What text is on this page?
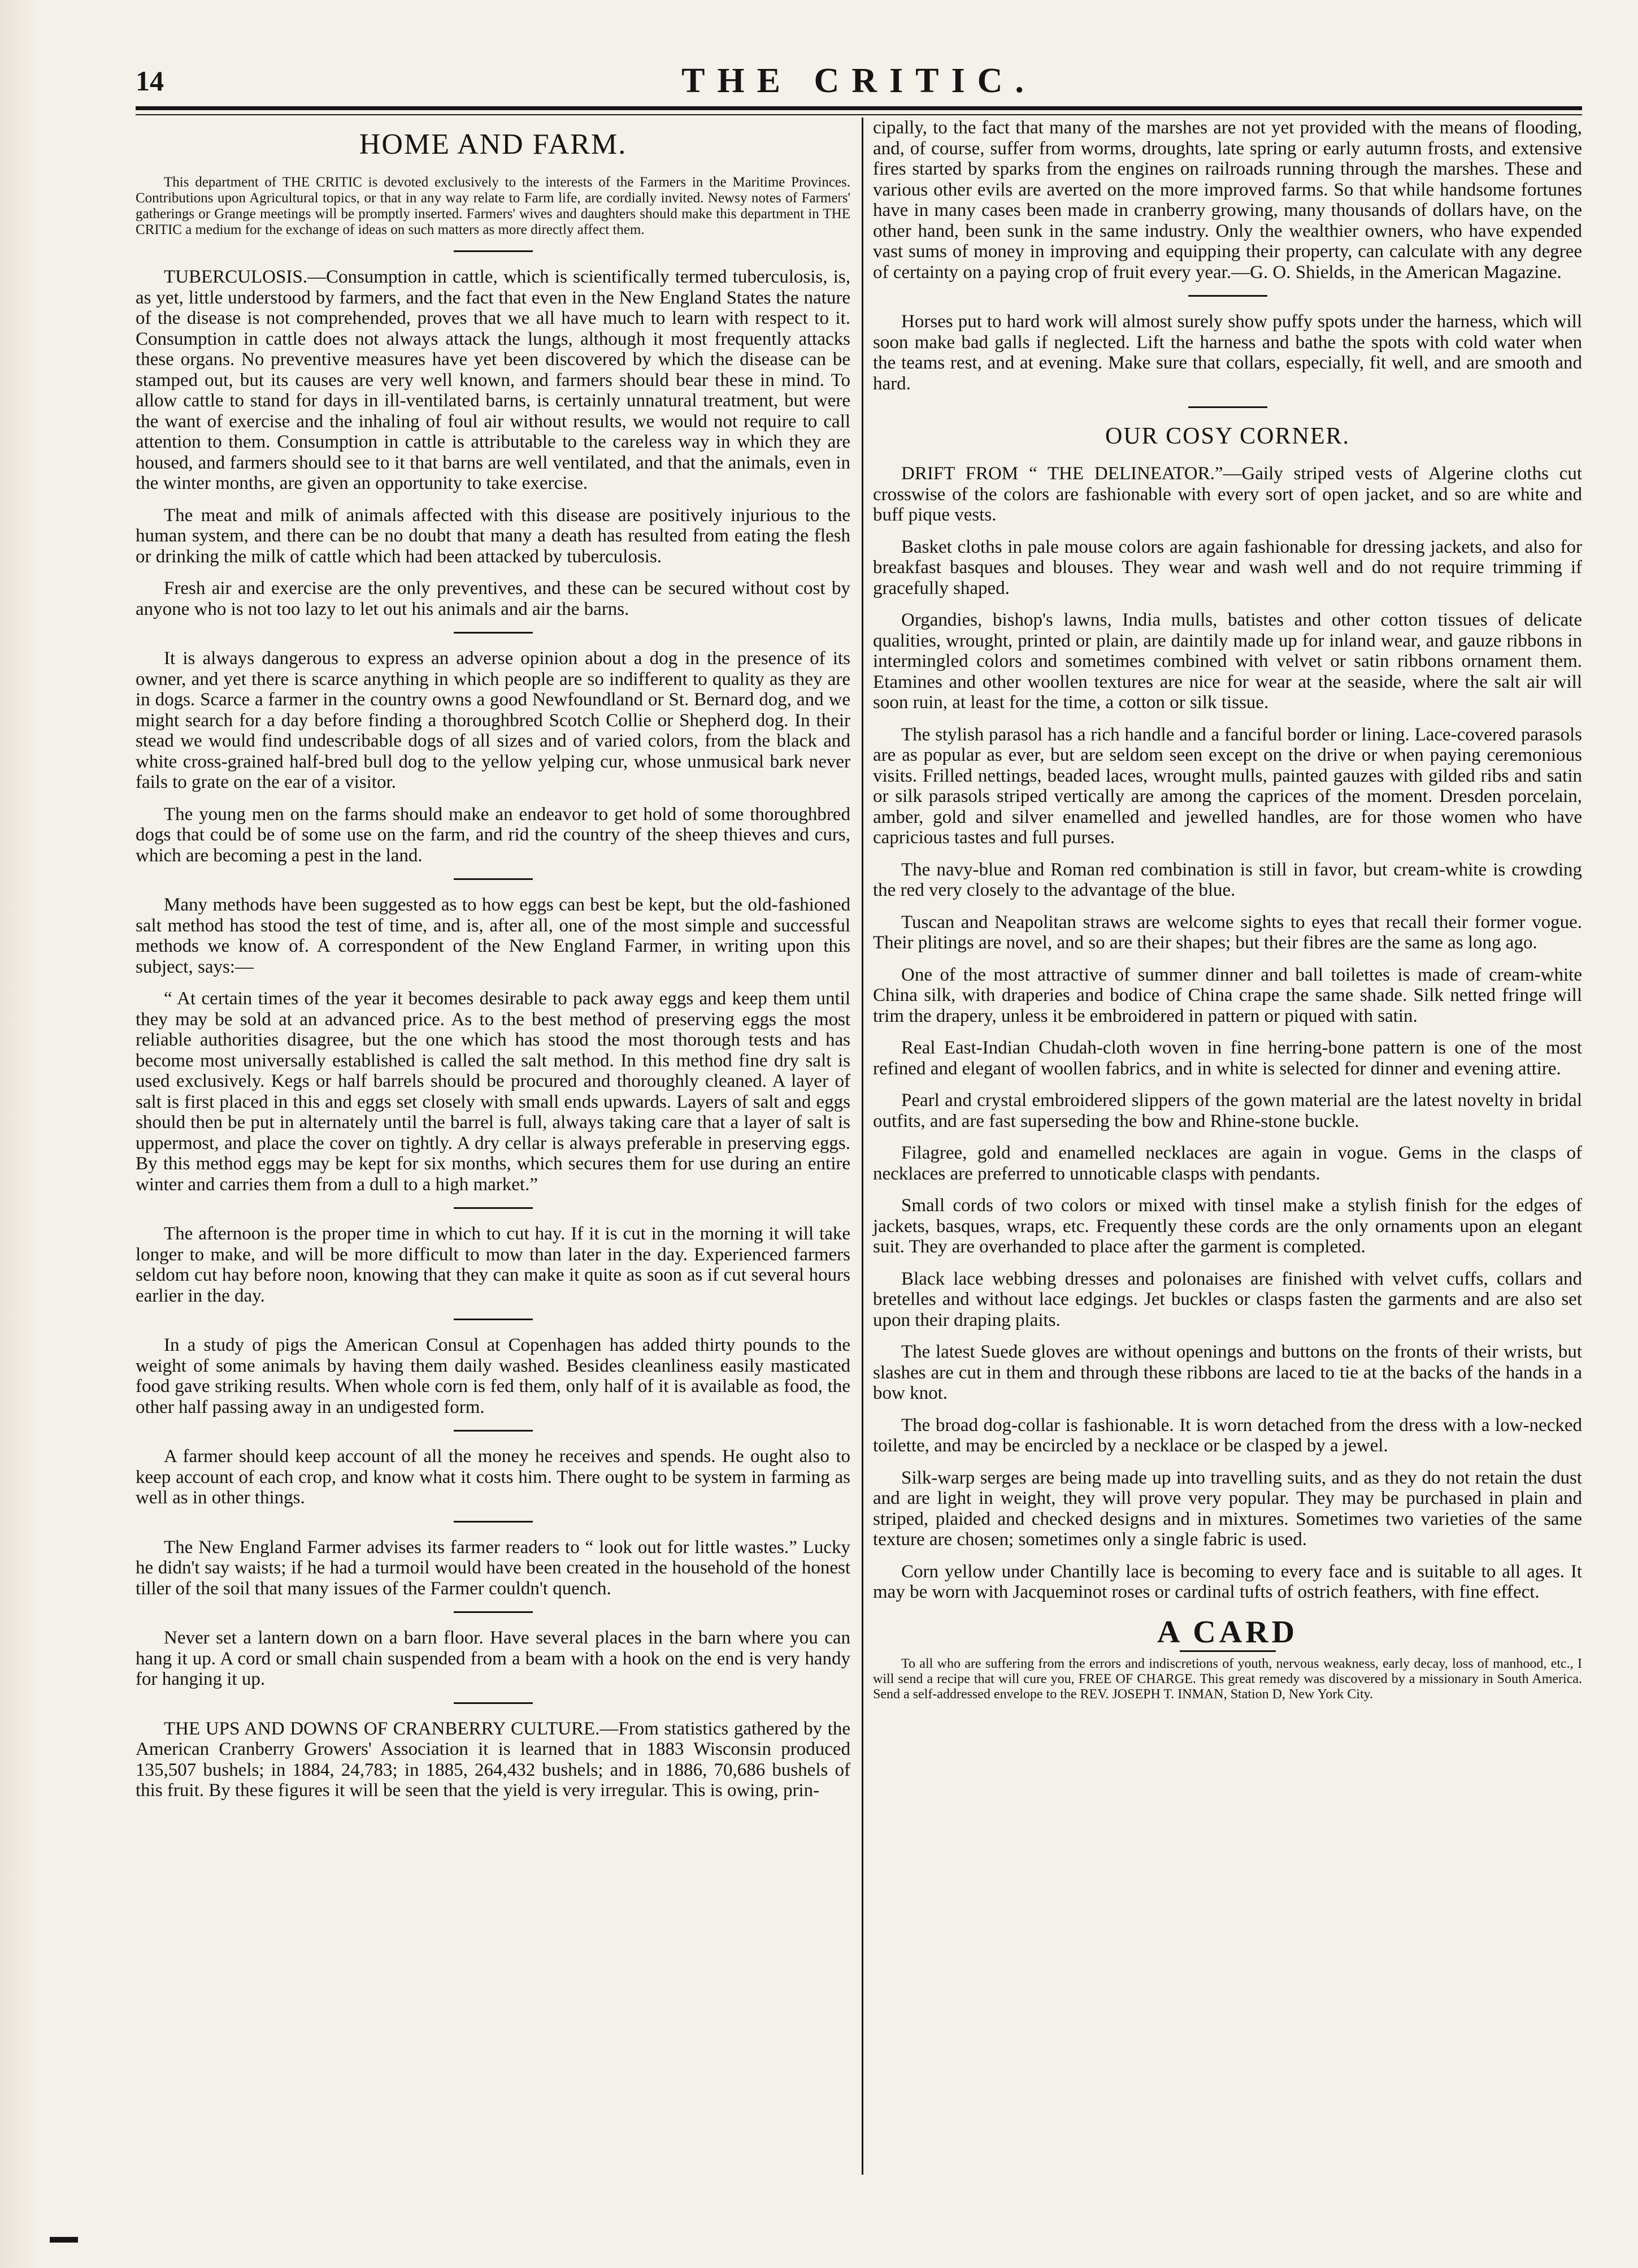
14	THE CRITIC.
HOME AND FARM.

This department of THE CRITIC is devoted exclusively to the interests of the Farmers in the Maritime Provinces. Contributions upon Agricultural topics, or that in any way relate to Farm life, are cordially invited. Newsy notes of Farmers' gatherings or Grange meetings will be promptly inserted. Farmers' wives and daughters should make this department in THE CRITIC a medium for the exchange of ideas on such matters as more directly affect them.

TUBERCULOSIS.—Consumption in cattle, which is scientifically termed tuberculosis, is, as yet, little understood by farmers, and the fact that even in the New England States the nature of the disease is not comprehended, proves that we all have much to learn with respect to it. Consumption in cattle does not always attack the lungs, although it most frequently attacks these organs. No preventive measures have yet been discovered by which the disease can be stamped out, but its causes are very well known, and farmers should bear these in mind. To allow cattle to stand for days in ill-ventilated barns, is certainly unnatural treatment, but were the want of exercise and the inhaling of foul air without results, we would not require to call attention to them. Consumption in cattle is attributable to the careless way in which they are housed, and farmers should see to it that barns are well ventilated, and that the animals, even in the winter months, are given an opportunity to take exercise.

The meat and milk of animals affected with this disease are positively injurious to the human system, and there can be no doubt that many a death has resulted from eating the flesh or drinking the milk of cattle which had been attacked by tuberculosis.

Fresh air and exercise are the only preventives, and these can be secured without cost by anyone who is not too lazy to let out his animals and air the barns.

It is always dangerous to express an adverse opinion about a dog in the presence of its owner, and yet there is scarce anything in which people are so indifferent to quality as they are in dogs. Scarce a farmer in the country owns a good Newfoundland or St. Bernard dog, and we might search for a day before finding a thoroughbred Scotch Collie or Shepherd dog. In their stead we would find undescribable dogs of all sizes and of varied colors, from the black and white cross-grained half-bred bull dog to the yellow yelping cur, whose unmusical bark never fails to grate on the ear of a visitor.

The young men on the farms should make an endeavor to get hold of some thoroughbred dogs that could be of some use on the farm, and rid the country of the sheep thieves and curs, which are becoming a pest in the land.

Many methods have been suggested as to how eggs can best be kept, but the old-fashioned salt method has stood the test of time, and is, after all, one of the most simple and successful methods we know of. A correspondent of the New England Farmer, in writing upon this subject, says:—

“ At certain times of the year it becomes desirable to pack away eggs and keep them until they may be sold at an advanced price. As to the best method of preserving eggs the most reliable authorities disagree, but the one which has stood the most thorough tests and has become most universally established is called the salt method. In this method fine dry salt is used exclusively. Kegs or half barrels should be procured and thoroughly cleaned. A layer of salt is first placed in this and eggs set closely with small ends upwards. Layers of salt and eggs should then be put in alternately until the barrel is full, always taking care that a layer of salt is uppermost, and place the cover on tightly. A dry cellar is always preferable in preserving eggs. By this method eggs may be kept for six months, which secures them for use during an entire winter and carries them from a dull to a high market.”

The afternoon is the proper time in which to cut hay. If it is cut in the morning it will take longer to make, and will be more difficult to mow than later in the day. Experienced farmers seldom cut hay before noon, knowing that they can make it quite as soon as if cut several hours earlier in the day.

In a study of pigs the American Consul at Copenhagen has added thirty pounds to the weight of some animals by having them daily washed. Besides cleanliness easily masticated food gave striking results. When whole corn is fed them, only half of it is available as food, the other half passing away in an undigested form.

A farmer should keep account of all the money he receives and spends. He ought also to keep account of each crop, and know what it costs him. There ought to be system in farming as well as in other things.

The New England Farmer advises its farmer readers to “ look out for little wastes.” Lucky he didn't say waists; if he had a turmoil would have been created in the household of the honest tiller of the soil that many issues of the Farmer couldn't quench.

Never set a lantern down on a barn floor. Have several places in the barn where you can hang it up. A cord or small chain suspended from a beam with a hook on the end is very handy for hanging it up.

THE UPS AND DOWNS OF CRANBERRY CULTURE.—From statistics gathered by the American Cranberry Growers' Association it is learned that in 1883 Wisconsin produced 135,507 bushels; in 1884, 24,783; in 1885, 264,432 bushels; and in 1886, 70,686 bushels of this fruit. By these figures it will be seen that the yield is very irregular. This is owing, prin-

cipally, to the fact that many of the marshes are not yet provided with the means of flooding, and, of course, suffer from worms, droughts, late spring or early autumn frosts, and extensive fires started by sparks from the engines on railroads running through the marshes. These and various other evils are averted on the more improved farms. So that while handsome fortunes have in many cases been made in cranberry growing, many thousands of dollars have, on the other hand, been sunk in the same industry. Only the wealthier owners, who have expended vast sums of money in improving and equipping their property, can calculate with any degree of certainty on a paying crop of fruit every year.—G. O. Shields, in the American Magazine.

Horses put to hard work will almost surely show puffy spots under the harness, which will soon make bad galls if neglected. Lift the harness and bathe the spots with cold water when the teams rest, and at evening. Make sure that collars, especially, fit well, and are smooth and hard.

OUR COSY CORNER.

DRIFT FROM “ THE DELINEATOR.”—Gaily striped vests of Algerine cloths cut crosswise of the colors are fashionable with every sort of open jacket, and so are white and buff pique vests.

Basket cloths in pale mouse colors are again fashionable for dressing jackets, and also for breakfast basques and blouses. They wear and wash well and do not require trimming if gracefully shaped.

Organdies, bishop's lawns, India mulls, batistes and other cotton tissues of delicate qualities, wrought, printed or plain, are daintily made up for inland wear, and gauze ribbons in intermingled colors and sometimes combined with velvet or satin ribbons ornament them. Etamines and other woollen textures are nice for wear at the seaside, where the salt air will soon ruin, at least for the time, a cotton or silk tissue.

The stylish parasol has a rich handle and a fanciful border or lining. Lace-covered parasols are as popular as ever, but are seldom seen except on the drive or when paying ceremonious visits. Frilled nettings, beaded laces, wrought mulls, painted gauzes with gilded ribs and satin or silk parasols striped vertically are among the caprices of the moment. Dresden porcelain, amber, gold and silver enamelled and jewelled handles, are for those women who have capricious tastes and full purses.

The navy-blue and Roman red combination is still in favor, but cream-white is crowding the red very closely to the advantage of the blue.

Tuscan and Neapolitan straws are welcome sights to eyes that recall their former vogue. Their plitings are novel, and so are their shapes; but their fibres are the same as long ago.

One of the most attractive of summer dinner and ball toilettes is made of cream-white China silk, with draperies and bodice of China crape the same shade. Silk netted fringe will trim the drapery, unless it be embroidered in pattern or piqued with satin.

Real East-Indian Chudah-cloth woven in fine herring-bone pattern is one of the most refined and elegant of woollen fabrics, and in white is selected for dinner and evening attire.

Pearl and crystal embroidered slippers of the gown material are the latest novelty in bridal outfits, and are fast superseding the bow and Rhine-stone buckle.

Filagree, gold and enamelled necklaces are again in vogue. Gems in the clasps of necklaces are preferred to unnoticable clasps with pendants.

Small cords of two colors or mixed with tinsel make a stylish finish for the edges of jackets, basques, wraps, etc. Frequently these cords are the only ornaments upon an elegant suit. They are overhanded to place after the garment is completed.

Black lace webbing dresses and polonaises are finished with velvet cuffs, collars and bretelles and without lace edgings. Jet buckles or clasps fasten the garments and are also set upon their draping plaits.

The latest Suede gloves are without openings and buttons on the fronts of their wrists, but slashes are cut in them and through these ribbons are laced to tie at the backs of the hands in a bow knot.

The broad dog-collar is fashionable. It is worn detached from the dress with a low-necked toilette, and may be encircled by a necklace or be clasped by a jewel.

Silk-warp serges are being made up into travelling suits, and as they do not retain the dust and are light in weight, they will prove very popular. They may be purchased in plain and striped, plaided and checked designs and in mixtures. Sometimes two varieties of the same texture are chosen; sometimes only a single fabric is used.

Corn yellow under Chantilly lace is becoming to every face and is suitable to all ages. It may be worn with Jacqueminot roses or cardinal tufts of ostrich feathers, with fine effect.

A CARD

To all who are suffering from the errors and indiscretions of youth, nervous weakness, early decay, loss of manhood, etc., I will send a recipe that will cure you, FREE OF CHARGE. This great remedy was discovered by a missionary in South America. Send a self-addressed envelope to the REV. JOSEPH T. INMAN, Station D, New York City.
